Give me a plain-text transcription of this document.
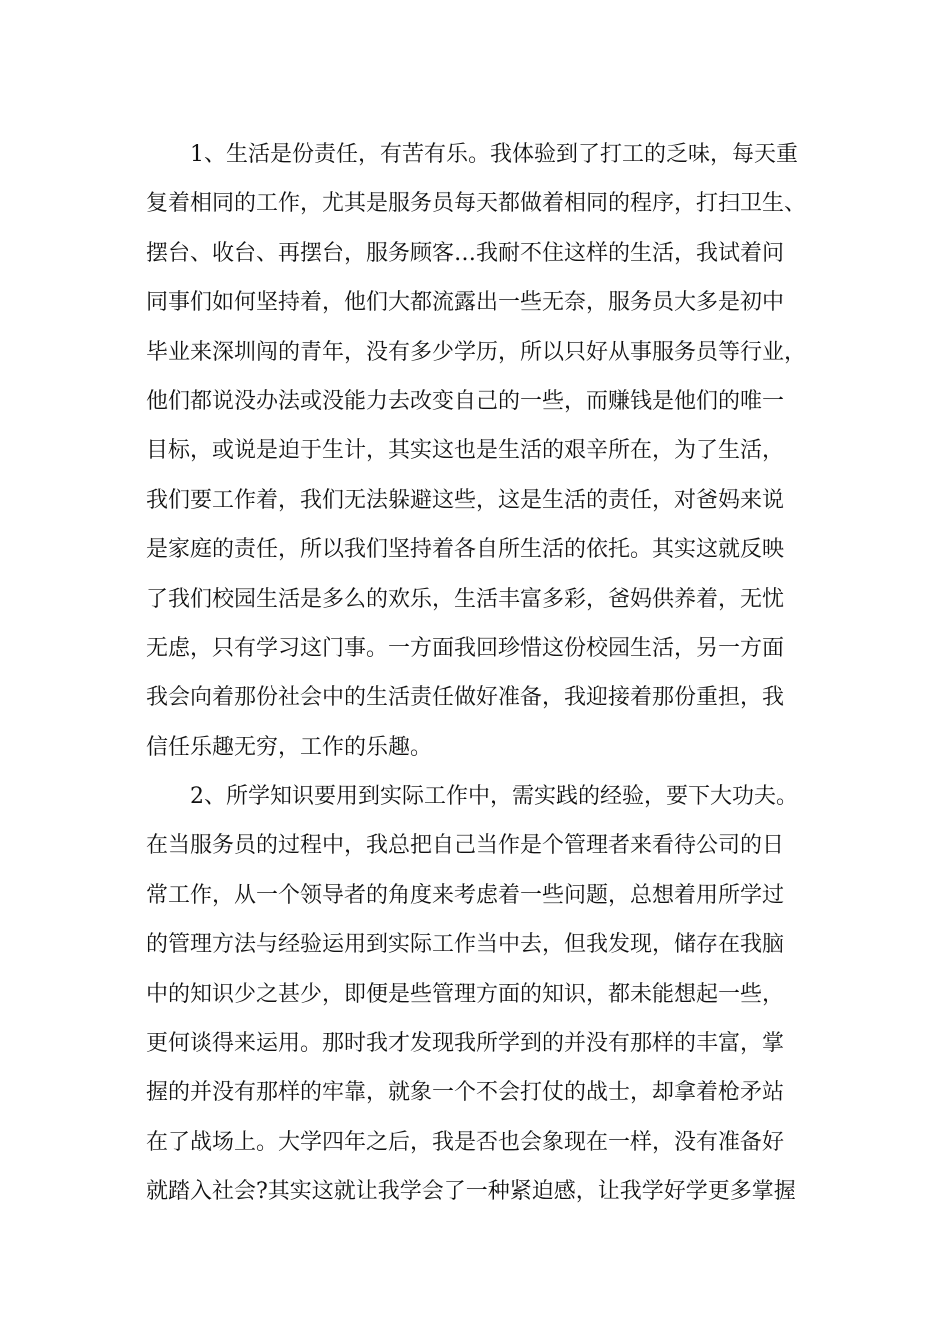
1、生活是份责任，有苦有乐。我体验到了打工的乏味，每天重
复着相同的工作，尤其是服务员每天都做着相同的程序，打扫卫生、
摆台、收台、再摆台，服务顾客…我耐不住这样的生活，我试着问
同事们如何坚持着，他们大都流露出一些无奈，服务员大多是初中
毕业来深圳闯的青年，没有多少学历，所以只好从事服务员等行业，
他们都说没办法或没能力去改变自己的一些，而赚钱是他们的唯一
目标，或说是迫于生计，其实这也是生活的艰辛所在，为了生活，
我们要工作着，我们无法躲避这些，这是生活的责任，对爸妈来说
是家庭的责任，所以我们坚持着各自所生活的依托。其实这就反映
了我们校园生活是多么的欢乐，生活丰富多彩，爸妈供养着，无忧
无虑，只有学习这门事。一方面我回珍惜这份校园生活，另一方面
我会向着那份社会中的生活责任做好准备，我迎接着那份重担，我
信任乐趣无穷，工作的乐趣。
2、所学知识要用到实际工作中，需实践的经验，要下大功夫。
在当服务员的过程中，我总把自己当作是个管理者来看待公司的日
常工作，从一个领导者的角度来考虑着一些问题，总想着用所学过
的管理方法与经验运用到实际工作当中去，但我发现，储存在我脑
中的知识少之甚少，即便是些管理方面的知识，都未能想起一些，
更何谈得来运用。那时我才发现我所学到的并没有那样的丰富，掌
握的并没有那样的牢靠，就象一个不会打仗的战士，却拿着枪矛站
在了战场上。大学四年之后，我是否也会象现在一样，没有准备好
就踏入社会?其实这就让我学会了一种紧迫感，让我学好学更多掌握
